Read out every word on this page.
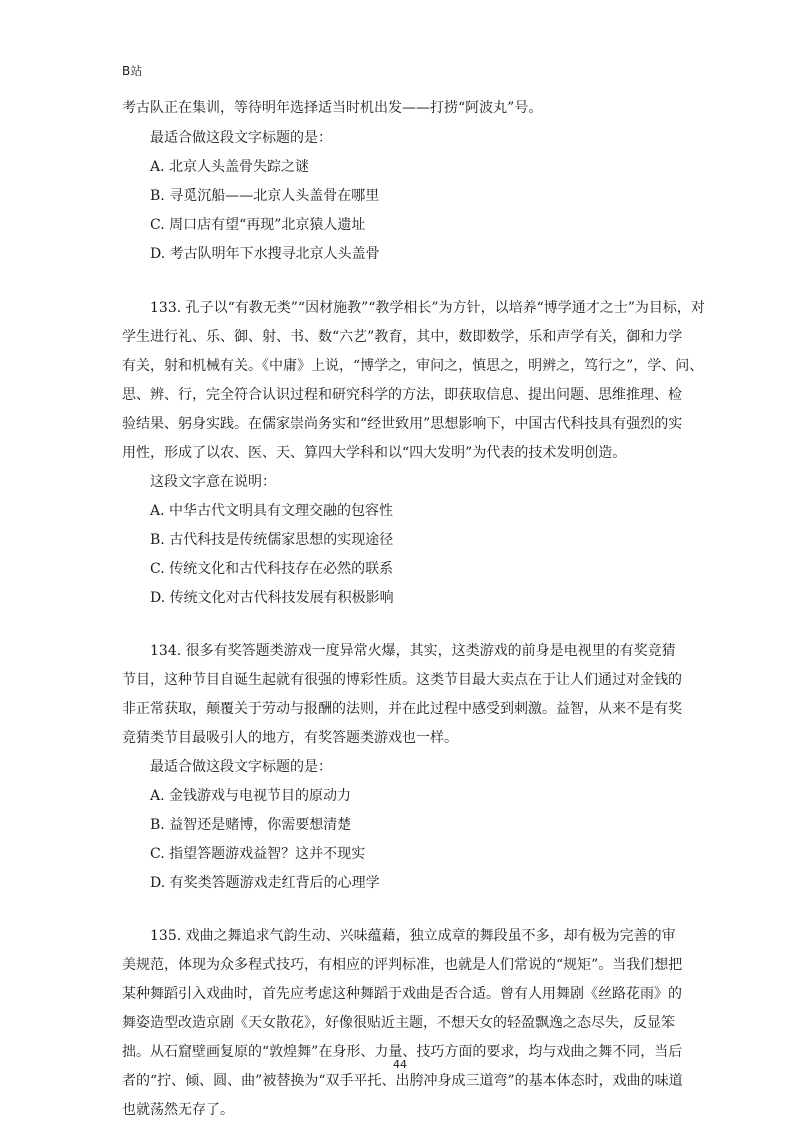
B站
考古队正在集训，等待明年选择适当时机出发——打捞“阿波丸”号。
最适合做这段文字标题的是：
A. 北京人头盖骨失踪之谜
B. 寻觅沉船——北京人头盖骨在哪里
C. 周口店有望“再现”北京猿人遗址
D. 考古队明年下水搜寻北京人头盖骨
133. 孔子以“有教无类”“因材施教”“教学相长”为方针，以培养“博学通才之士”为目标，对
学生进行礼、乐、御、射、书、数“六艺”教育，其中，数即数学，乐和声学有关，御和力学
有关，射和机械有关。《中庸》上说，“博学之，审问之，慎思之，明辨之，笃行之”，学、问、
思、辨、行，完全符合认识过程和研究科学的方法，即获取信息、提出问题、思维推理、检
验结果、躬身实践。在儒家崇尚务实和“经世致用”思想影响下，中国古代科技具有强烈的实
用性，形成了以农、医、天、算四大学科和以“四大发明”为代表的技术发明创造。
这段文字意在说明：
A. 中华古代文明具有文理交融的包容性
B. 古代科技是传统儒家思想的实现途径
C. 传统文化和古代科技存在必然的联系
D. 传统文化对古代科技发展有积极影响
134. 很多有奖答题类游戏一度异常火爆，其实，这类游戏的前身是电视里的有奖竞猜
节目，这种节目自诞生起就有很强的博彩性质。这类节目最大卖点在于让人们通过对金钱的
非正常获取，颠覆关于劳动与报酬的法则，并在此过程中感受到刺激。益智，从来不是有奖
竞猜类节目最吸引人的地方，有奖答题类游戏也一样。
最适合做这段文字标题的是：
A. 金钱游戏与电视节目的原动力
B. 益智还是赌博，你需要想清楚
C. 指望答题游戏益智？这并不现实
D. 有奖类答题游戏走红背后的心理学
135. 戏曲之舞追求气韵生动、兴味蕴藉，独立成章的舞段虽不多，却有极为完善的审
美规范，体现为众多程式技巧，有相应的评判标准，也就是人们常说的“规矩”。当我们想把
某种舞蹈引入戏曲时，首先应考虑这种舞蹈于戏曲是否合适。曾有人用舞剧《丝路花雨》的
舞姿造型改造京剧《天女散花》，好像很贴近主题，不想天女的轻盈飘逸之态尽失，反显笨
拙。从石窟壁画复原的“敦煌舞”在身形、力量、技巧方面的要求，均与戏曲之舞不同，当后
者的“拧、倾、圆、曲”被替换为“双手平托、出胯冲身成三道弯”的基本体态时，戏曲的味道
也就荡然无存了。
44
